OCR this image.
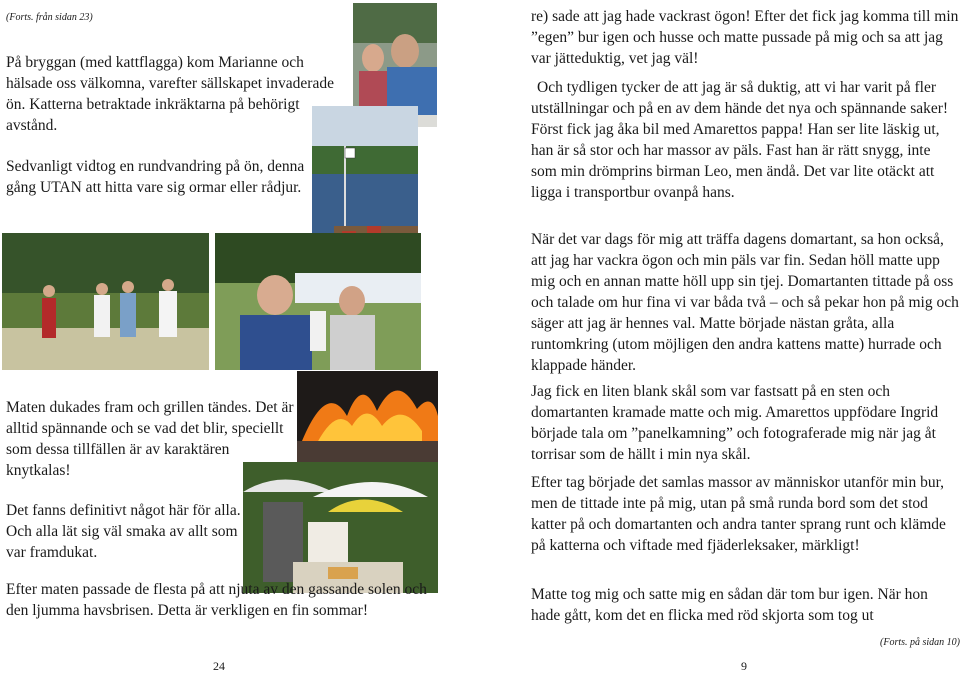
(Forts. från sidan 23)

På bryggan (med kattflagga) kom Marianne och hälsade oss välkomna, varefter sällskapet invaderade ön. Katterna betraktade inkräktarna på behörigt avstånd.

Sedvanligt vidtog en rundvandring på ön, denna gång UTAN att hitta vare sig ormar eller rådjur.

Maten dukades fram och grillen tändes. Det är alltid spännande och se vad det blir, speciellt som dessa tillfällen är av karaktären knytkalas!

Det fanns definitivt något här för alla. Och alla lät sig väl smaka av allt som var framdukat.

Efter maten passade de flesta på att njuta av den gassande solen och den ljumma havsbrisen. Detta är verkligen en fin sommar!

24

re) sade att jag hade vackrast ögon! Efter det fick jag komma till min ”egen” bur igen och husse och matte pussade på mig och sa att jag var jätteduktig, vet jag väl!

Och tydligen tycker de att jag är så duktig, att vi har varit på fler utställningar och på en av dem hände det nya och spännande saker! Först fick jag åka bil med Amarettos pappa! Han ser lite läskig ut, han är så stor och har massor av päls. Fast han är rätt snygg, inte som min drömprins birman Leo, men ändå. Det var lite otäckt att ligga i transportbur ovanpå hans.

När det var dags för mig att träffa dagens domartant, sa hon också, att jag har vackra ögon och min päls var fin. Sedan höll matte upp mig och en annan matte höll upp sin tjej. Domartanten tittade på oss och talade om hur fina vi var båda två – och så pekar hon på mig och säger att jag är hennes val. Matte började nästan gråta, alla runtomkring (utom möjligen den andra kattens matte) hurrade och klappade händer.

Jag fick en liten blank skål som var fastsatt på en sten och domartanten kramade matte och mig. Amarettos uppfödare Ingrid började tala om ”panelkamning” och fotograferade mig när jag åt torrisar som de hällt i min nya skål.

Efter tag började det samlas massor av människor utanför min bur, men de tittade inte på mig, utan på små runda bord som det stod katter på och domartanten och andra tanter sprang runt och klämde på katterna och viftade med fjäderleksaker, märkligt!

Matte tog mig och satte mig en sådan där tom bur igen. När hon hade gått, kom det en flicka med röd skjorta som tog ut

(Forts. på sidan 10)
9
